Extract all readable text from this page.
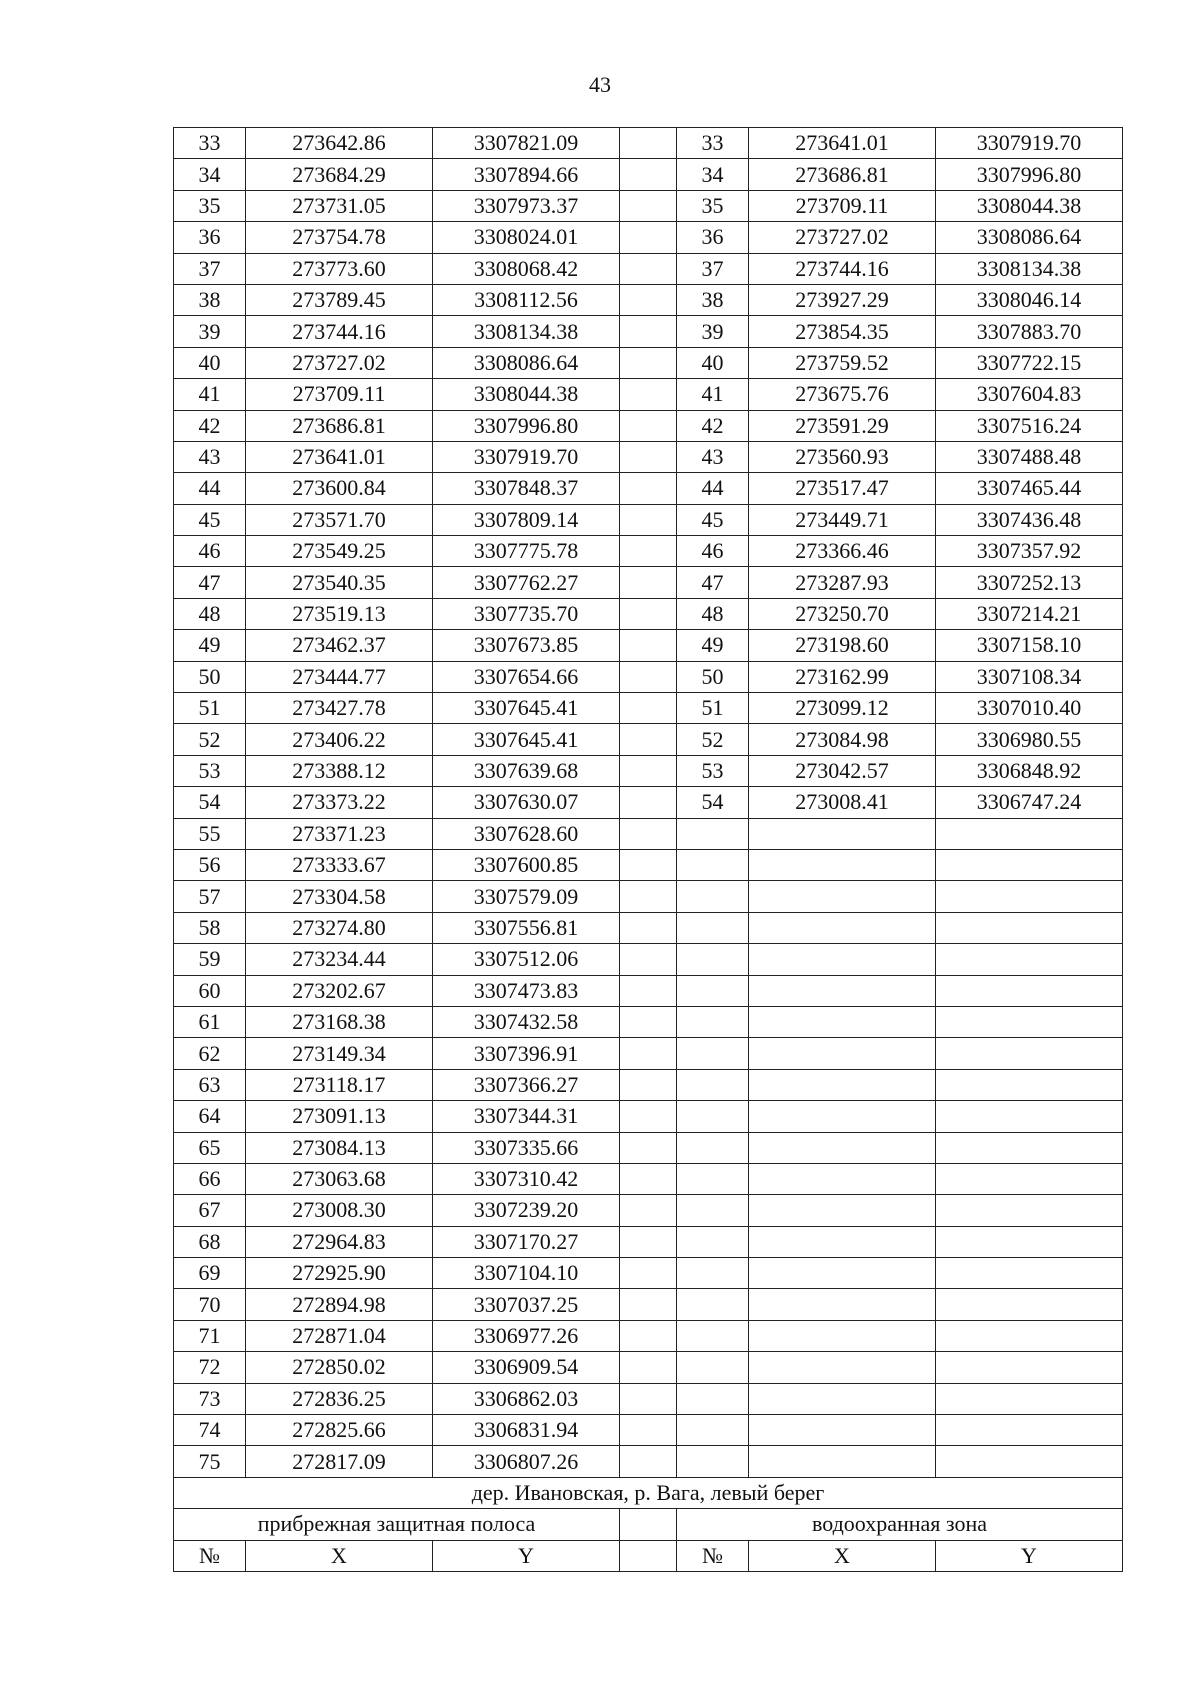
43
33	273642.86	3307821.09		33	273641.01	3307919.70
34	273684.29	3307894.66		34	273686.81	3307996.80
35	273731.05	3307973.37		35	273709.11	3308044.38
36	273754.78	3308024.01		36	273727.02	3308086.64
37	273773.60	3308068.42		37	273744.16	3308134.38
38	273789.45	3308112.56		38	273927.29	3308046.14
39	273744.16	3308134.38		39	273854.35	3307883.70
40	273727.02	3308086.64		40	273759.52	3307722.15
41	273709.11	3308044.38		41	273675.76	3307604.83
42	273686.81	3307996.80		42	273591.29	3307516.24
43	273641.01	3307919.70		43	273560.93	3307488.48
44	273600.84	3307848.37		44	273517.47	3307465.44
45	273571.70	3307809.14		45	273449.71	3307436.48
46	273549.25	3307775.78		46	273366.46	3307357.92
47	273540.35	3307762.27		47	273287.93	3307252.13
48	273519.13	3307735.70		48	273250.70	3307214.21
49	273462.37	3307673.85		49	273198.60	3307158.10
50	273444.77	3307654.66		50	273162.99	3307108.34
51	273427.78	3307645.41		51	273099.12	3307010.40
52	273406.22	3307645.41		52	273084.98	3306980.55
53	273388.12	3307639.68		53	273042.57	3306848.92
54	273373.22	3307630.07		54	273008.41	3306747.24
55	273371.23	3307628.60				
56	273333.67	3307600.85				
57	273304.58	3307579.09				
58	273274.80	3307556.81				
59	273234.44	3307512.06				
60	273202.67	3307473.83				
61	273168.38	3307432.58				
62	273149.34	3307396.91				
63	273118.17	3307366.27				
64	273091.13	3307344.31				
65	273084.13	3307335.66				
66	273063.68	3307310.42				
67	273008.30	3307239.20				
68	272964.83	3307170.27				
69	272925.90	3307104.10				
70	272894.98	3307037.25				
71	272871.04	3306977.26				
72	272850.02	3306909.54				
73	272836.25	3306862.03				
74	272825.66	3306831.94				
75	272817.09	3306807.26				
дер. Ивановская, р. Вага, левый берег						
прибрежная защитная полоса				водоохранная зона		
№	X	Y		№	X	Y
